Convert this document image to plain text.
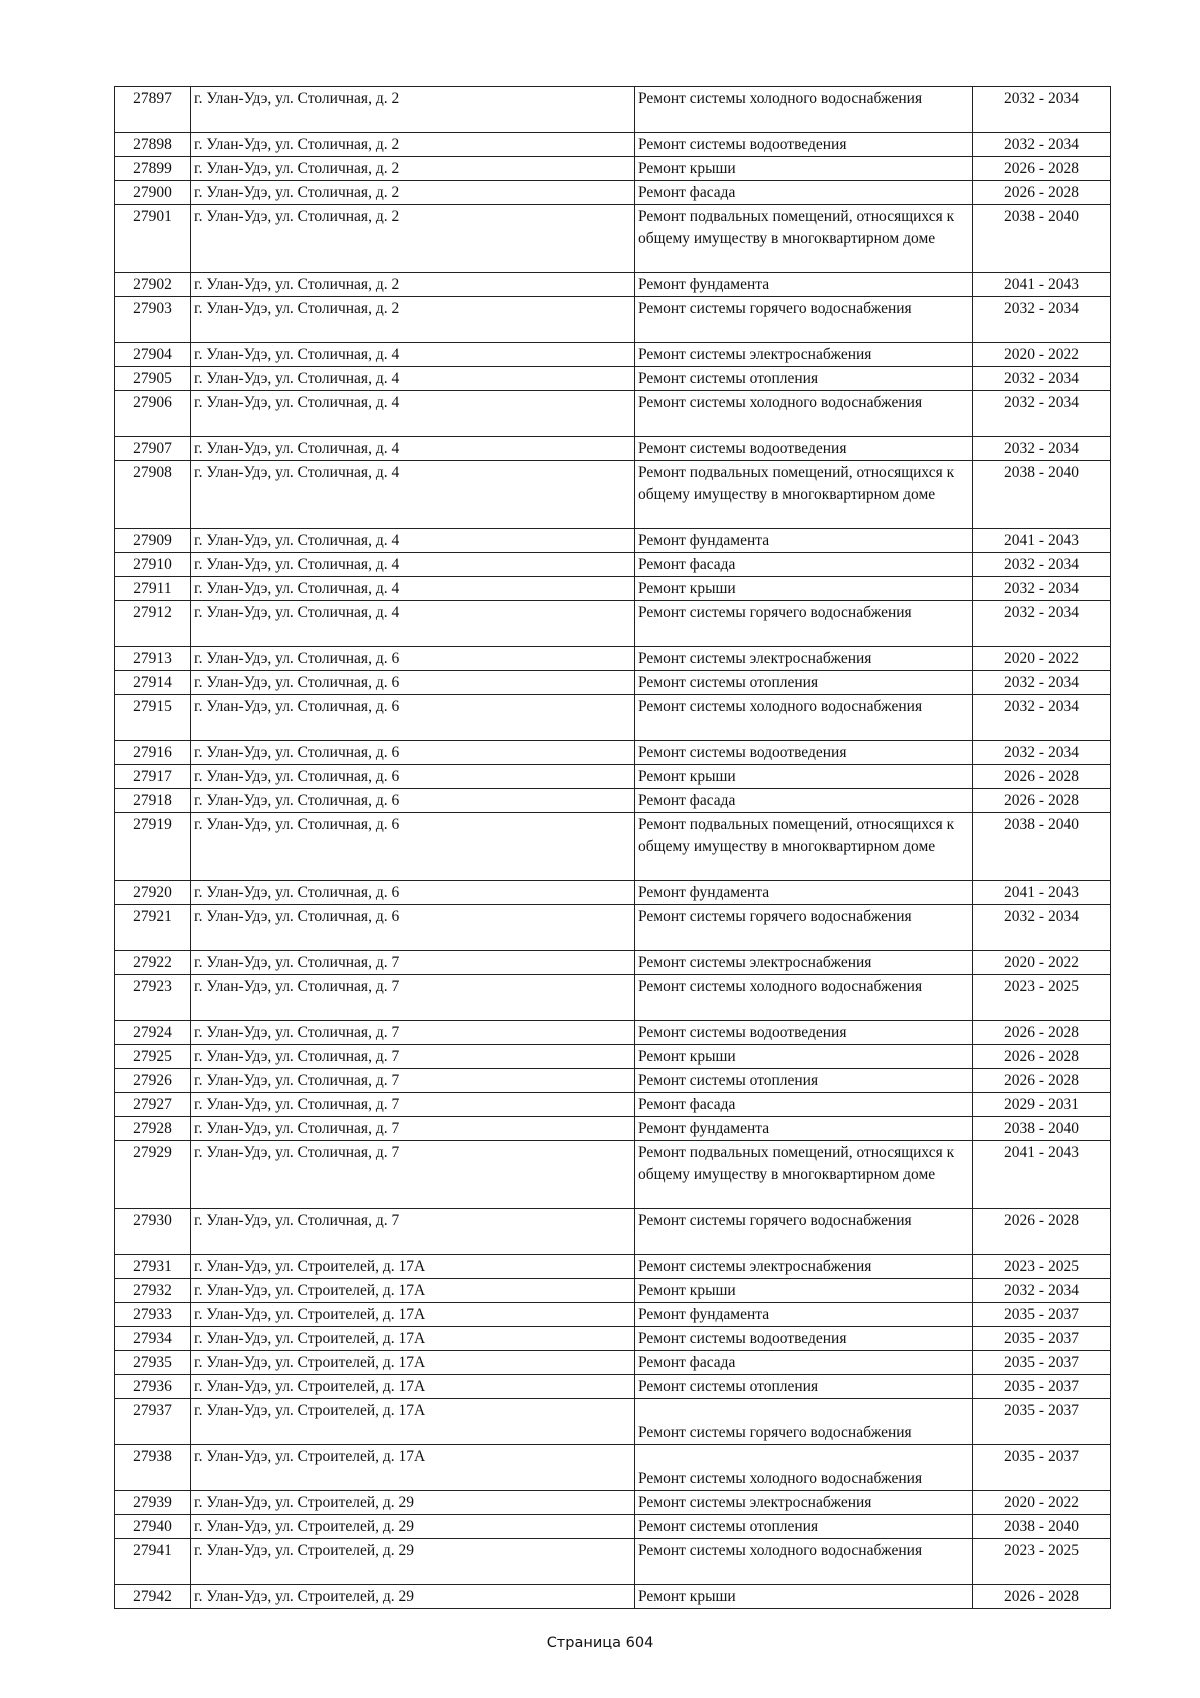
27897	г. Улан-Удэ, ул. Столичная, д. 2	Ремонт системы холодного водоснабжения	2032 - 2034
27898	г. Улан-Удэ, ул. Столичная, д. 2	Ремонт системы водоотведения	2032 - 2034
27899	г. Улан-Удэ, ул. Столичная, д. 2	Ремонт крыши	2026 - 2028
27900	г. Улан-Удэ, ул. Столичная, д. 2	Ремонт фасада	2026 - 2028
27901	г. Улан-Удэ, ул. Столичная, д. 2	Ремонт подвальных помещений, относящихся к общему имуществу в многоквартирном доме	2038 - 2040
27902	г. Улан-Удэ, ул. Столичная, д. 2	Ремонт фундамента	2041 - 2043
27903	г. Улан-Удэ, ул. Столичная, д. 2	Ремонт системы горячего водоснабжения	2032 - 2034
27904	г. Улан-Удэ, ул. Столичная, д. 4	Ремонт системы электроснабжения	2020 - 2022
27905	г. Улан-Удэ, ул. Столичная, д. 4	Ремонт системы отопления	2032 - 2034
27906	г. Улан-Удэ, ул. Столичная, д. 4	Ремонт системы холодного водоснабжения	2032 - 2034
27907	г. Улан-Удэ, ул. Столичная, д. 4	Ремонт системы водоотведения	2032 - 2034
27908	г. Улан-Удэ, ул. Столичная, д. 4	Ремонт подвальных помещений, относящихся к общему имуществу в многоквартирном доме	2038 - 2040
27909	г. Улан-Удэ, ул. Столичная, д. 4	Ремонт фундамента	2041 - 2043
27910	г. Улан-Удэ, ул. Столичная, д. 4	Ремонт фасада	2032 - 2034
27911	г. Улан-Удэ, ул. Столичная, д. 4	Ремонт крыши	2032 - 2034
27912	г. Улан-Удэ, ул. Столичная, д. 4	Ремонт системы горячего водоснабжения	2032 - 2034
27913	г. Улан-Удэ, ул. Столичная, д. 6	Ремонт системы электроснабжения	2020 - 2022
27914	г. Улан-Удэ, ул. Столичная, д. 6	Ремонт системы отопления	2032 - 2034
27915	г. Улан-Удэ, ул. Столичная, д. 6	Ремонт системы холодного водоснабжения	2032 - 2034
27916	г. Улан-Удэ, ул. Столичная, д. 6	Ремонт системы водоотведения	2032 - 2034
27917	г. Улан-Удэ, ул. Столичная, д. 6	Ремонт крыши	2026 - 2028
27918	г. Улан-Удэ, ул. Столичная, д. 6	Ремонт фасада	2026 - 2028
27919	г. Улан-Удэ, ул. Столичная, д. 6	Ремонт подвальных помещений, относящихся к общему имуществу в многоквартирном доме	2038 - 2040
27920	г. Улан-Удэ, ул. Столичная, д. 6	Ремонт фундамента	2041 - 2043
27921	г. Улан-Удэ, ул. Столичная, д. 6	Ремонт системы горячего водоснабжения	2032 - 2034
27922	г. Улан-Удэ, ул. Столичная, д. 7	Ремонт системы электроснабжения	2020 - 2022
27923	г. Улан-Удэ, ул. Столичная, д. 7	Ремонт системы холодного водоснабжения	2023 - 2025
27924	г. Улан-Удэ, ул. Столичная, д. 7	Ремонт системы водоотведения	2026 - 2028
27925	г. Улан-Удэ, ул. Столичная, д. 7	Ремонт крыши	2026 - 2028
27926	г. Улан-Удэ, ул. Столичная, д. 7	Ремонт системы отопления	2026 - 2028
27927	г. Улан-Удэ, ул. Столичная, д. 7	Ремонт фасада	2029 - 2031
27928	г. Улан-Удэ, ул. Столичная, д. 7	Ремонт фундамента	2038 - 2040
27929	г. Улан-Удэ, ул. Столичная, д. 7	Ремонт подвальных помещений, относящихся к общему имуществу в многоквартирном доме	2041 - 2043
27930	г. Улан-Удэ, ул. Столичная, д. 7	Ремонт системы горячего водоснабжения	2026 - 2028
27931	г. Улан-Удэ, ул. Строителей, д. 17А	Ремонт системы электроснабжения	2023 - 2025
27932	г. Улан-Удэ, ул. Строителей, д. 17А	Ремонт крыши	2032 - 2034
27933	г. Улан-Удэ, ул. Строителей, д. 17А	Ремонт фундамента	2035 - 2037
27934	г. Улан-Удэ, ул. Строителей, д. 17А	Ремонт системы водоотведения	2035 - 2037
27935	г. Улан-Удэ, ул. Строителей, д. 17А	Ремонт фасада	2035 - 2037
27936	г. Улан-Удэ, ул. Строителей, д. 17А	Ремонт системы отопления	2035 - 2037
27937	г. Улан-Удэ, ул. Строителей, д. 17А	Ремонт системы горячего водоснабжения	2035 - 2037
27938	г. Улан-Удэ, ул. Строителей, д. 17А	Ремонт системы холодного водоснабжения	2035 - 2037
27939	г. Улан-Удэ, ул. Строителей, д. 29	Ремонт системы электроснабжения	2020 - 2022
27940	г. Улан-Удэ, ул. Строителей, д. 29	Ремонт системы отопления	2038 - 2040
27941	г. Улан-Удэ, ул. Строителей, д. 29	Ремонт системы холодного водоснабжения	2023 - 2025
27942	г. Улан-Удэ, ул. Строителей, д. 29	Ремонт крыши	2026 - 2028
Страница 604
